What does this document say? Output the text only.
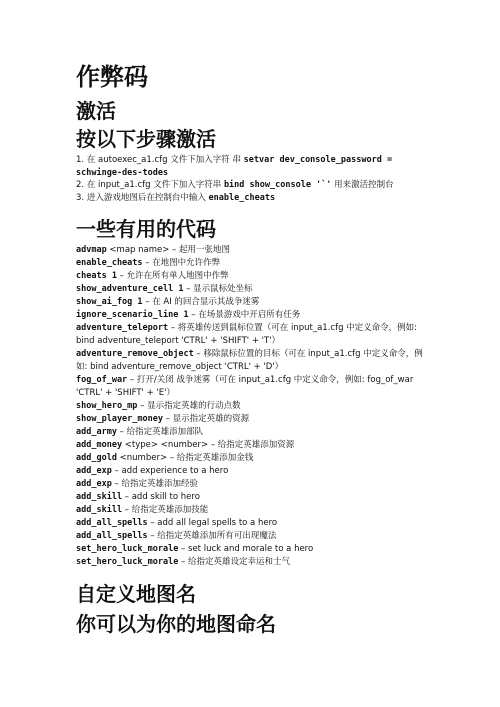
作弊码
激活
按以下步骤激活
1. 在 autoexec_a1.cfg 文件下加入字符 串 setvar dev_console_password = schwinge-des-todes
2. 在 input_a1.cfg 文件下加入字符串 bind show_console '`' 用来激活控制台
3. 进入游戏地图后在控制台中输入 enable_cheats
一些有用的代码
advmap <map name> – 起用一张地图
enable_cheats – 在地图中允许作弊
cheats 1 – 允许在所有单人地图中作弊
show_adventure_cell 1 – 显示鼠标处坐标
show_ai_fog 1 – 在 AI 的回合显示其战争迷雾
ignore_scenario_line 1 – 在场景游戏中开启所有任务
adventure_teleport – 将英雄传送到鼠标位置（可在 input_a1.cfg 中定义命令，例如: bind adventure_teleport 'CTRL' + 'SHIFT' + 'T'）
adventure_remove_object – 移除鼠标位置的目标（可在 input_a1.cfg 中定义命令，例如: bind adventure_remove_object 'CTRL' + 'D'）
fog_of_war – 打开/关闭 战争迷雾（可在 input_a1.cfg 中定义命令，例如: fog_of_war 'CTRL' + 'SHIFT' + 'E'）
show_hero_mp – 显示指定英雄的行动点数
show_player_money – 显示指定英雄的资源
add_army – 给指定英雄添加部队
add_money <type> <number> – 给指定英雄添加资源
add_gold <number> – 给指定英雄添加金钱
add_exp – add experience to a hero
add_exp – 给指定英雄添加经验
add_skill – add skill to hero
add_skill – 给指定英雄添加技能
add_all_spells – add all legal spells to a hero
add_all_spells – 给指定英雄添加所有可出现魔法
set_hero_luck_morale – set luck and morale to a hero
set_hero_luck_morale – 给指定英雄设定幸运和士气
自定义地图名
你可以为你的地图命名
